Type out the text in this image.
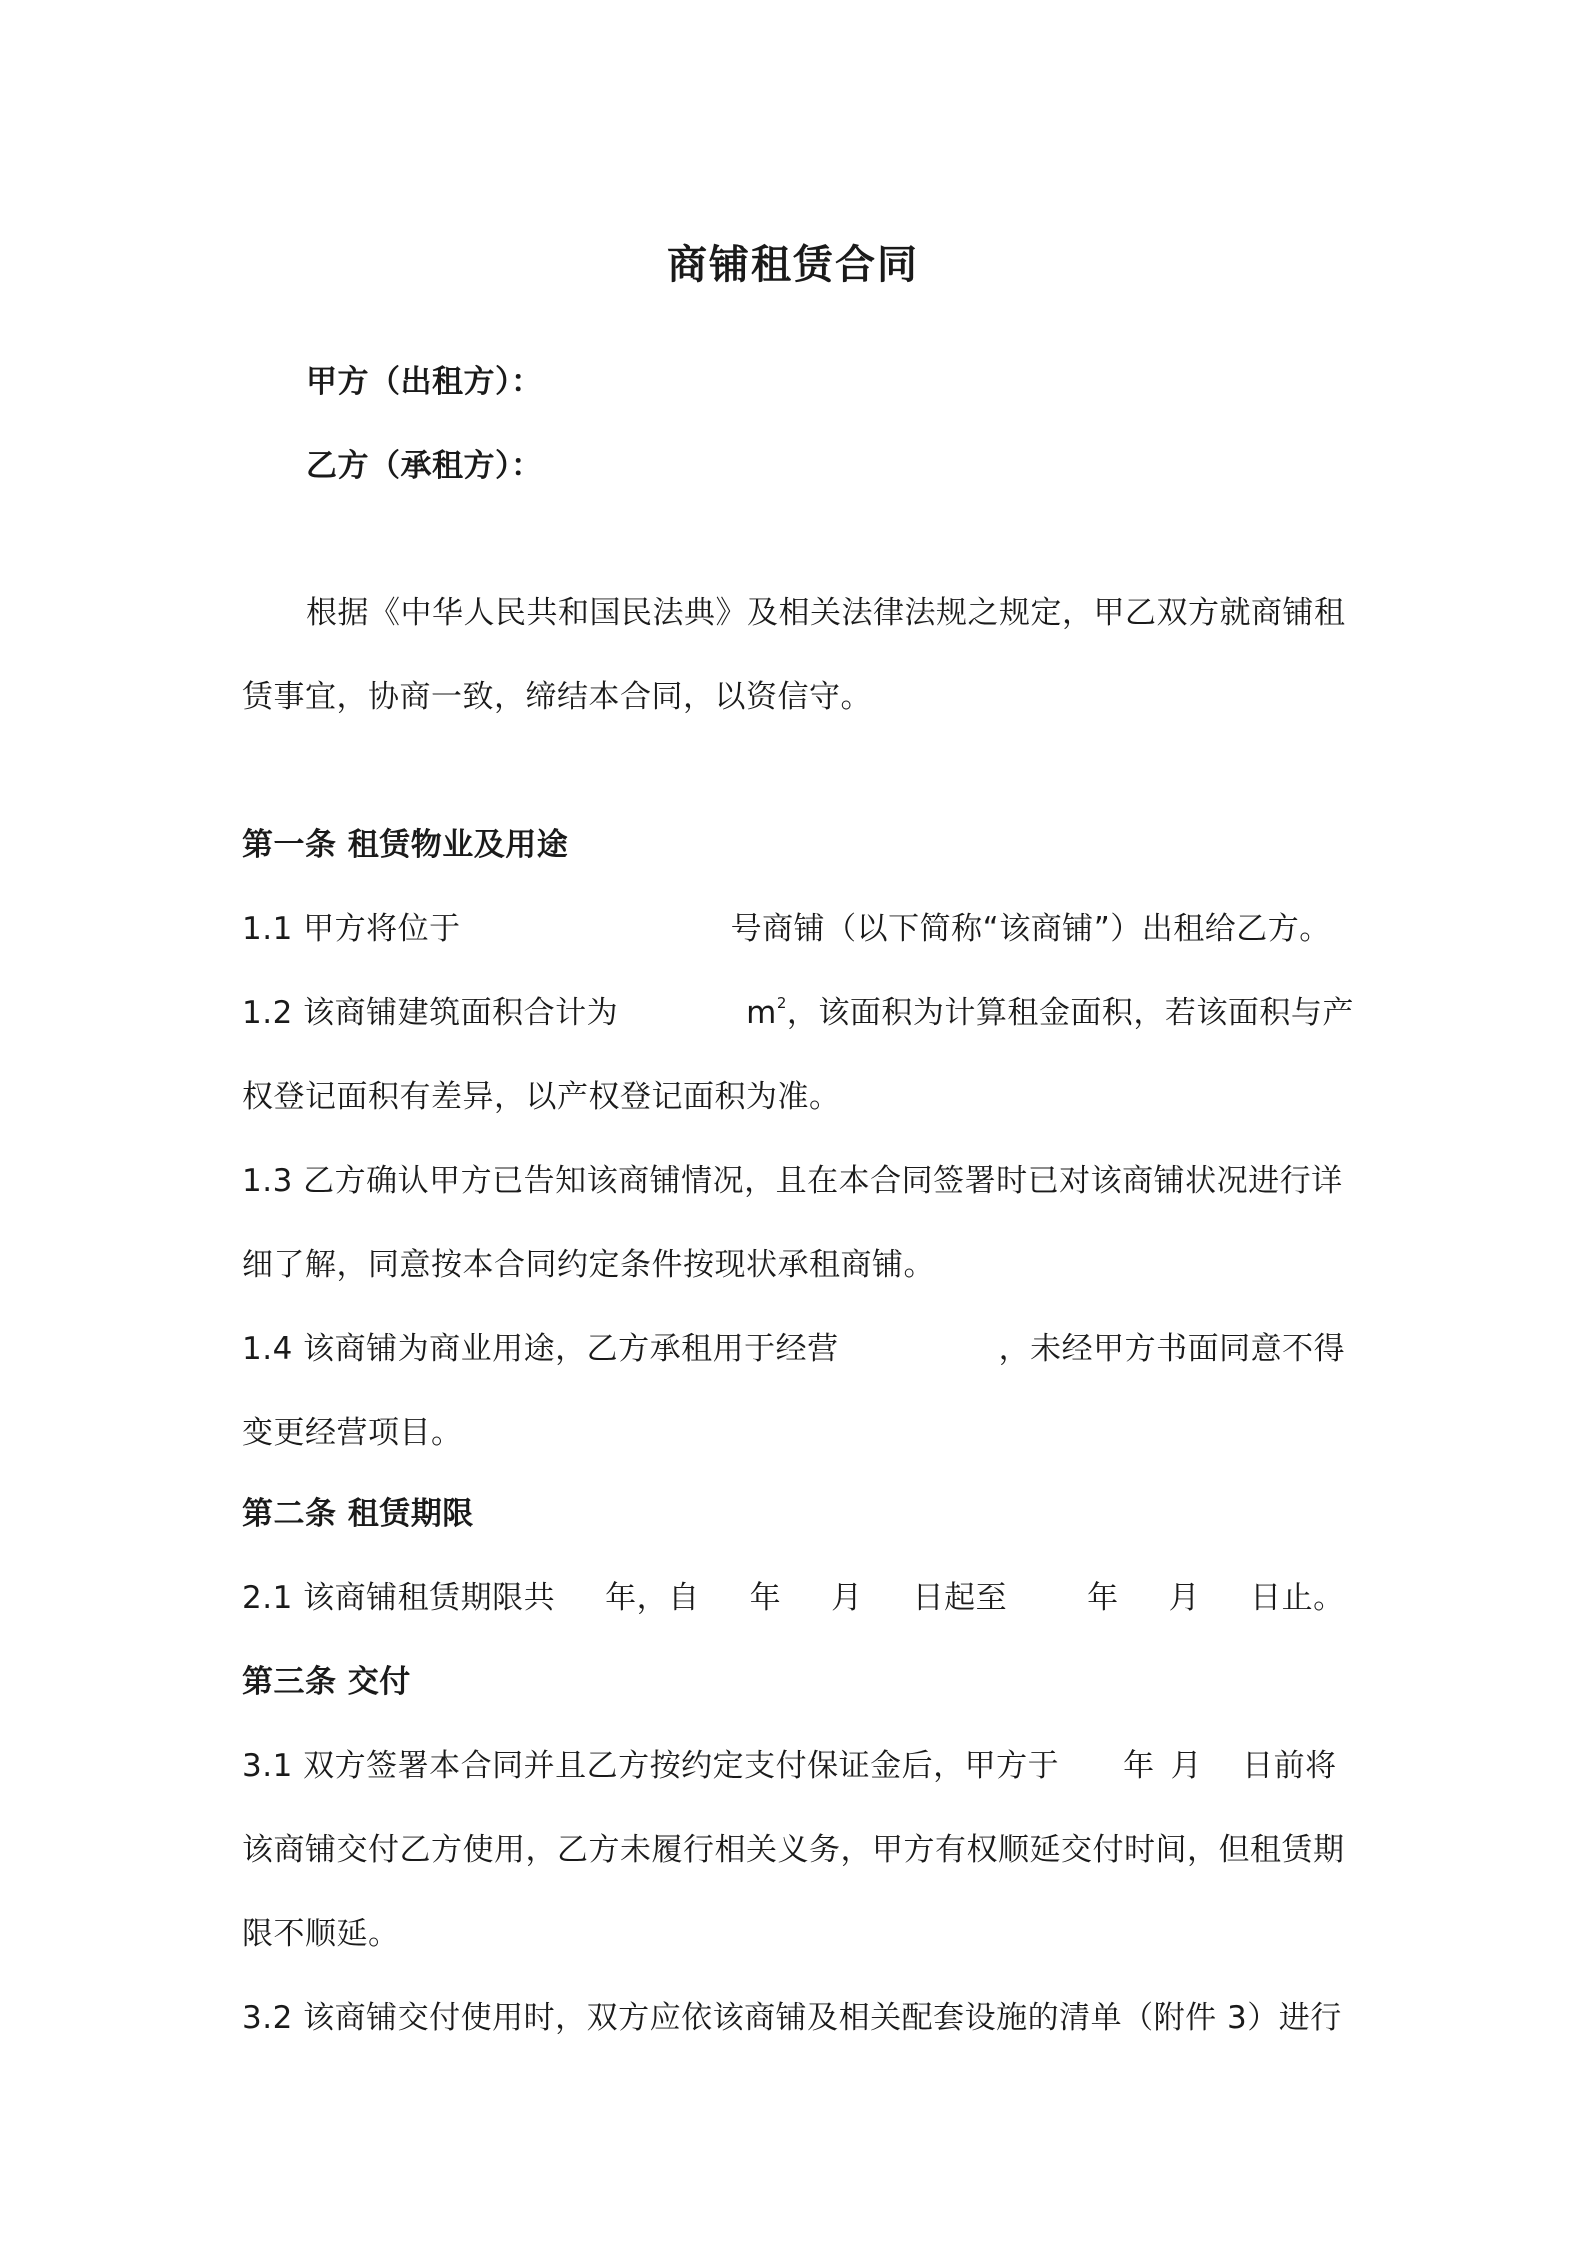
商铺租赁合同
甲方（出租方）：
乙方（承租方）：
根据《中华人民共和国民法典》及相关法律法规之规定，甲乙双方就商铺租
赁事宜，协商一致，缔结本合同，以资信守。
第一条 租赁物业及用途
1.1 甲方将位于	号商铺（以下简称“该商铺”）出租给乙方。
1.2 该商铺建筑面积合计为	$m^2$，该面积为计算租金面积，若该面积与产
权登记面积有差异，以产权登记面积为准。
1.3 乙方确认甲方已告知该商铺情况，且在本合同签署时已对该商铺状况进行详
细了解，同意按本合同约定条件按现状承租商铺。
1.4 该商铺为商业用途，乙方承租用于经营	，未经甲方书面同意不得
变更经营项目。
第二条 租赁期限
2.1 该商铺租赁期限共 年，自 年 月 日起至	年 月 日止。
第三条 交付
3.1 双方签署本合同并且乙方按约定支付保证金后，甲方于 年 月 日前将
该商铺交付乙方使用，乙方未履行相关义务，甲方有权顺延交付时间，但租赁期
限不顺延。
3.2 该商铺交付使用时，双方应依该商铺及相关配套设施的清单（附件 3）进行
